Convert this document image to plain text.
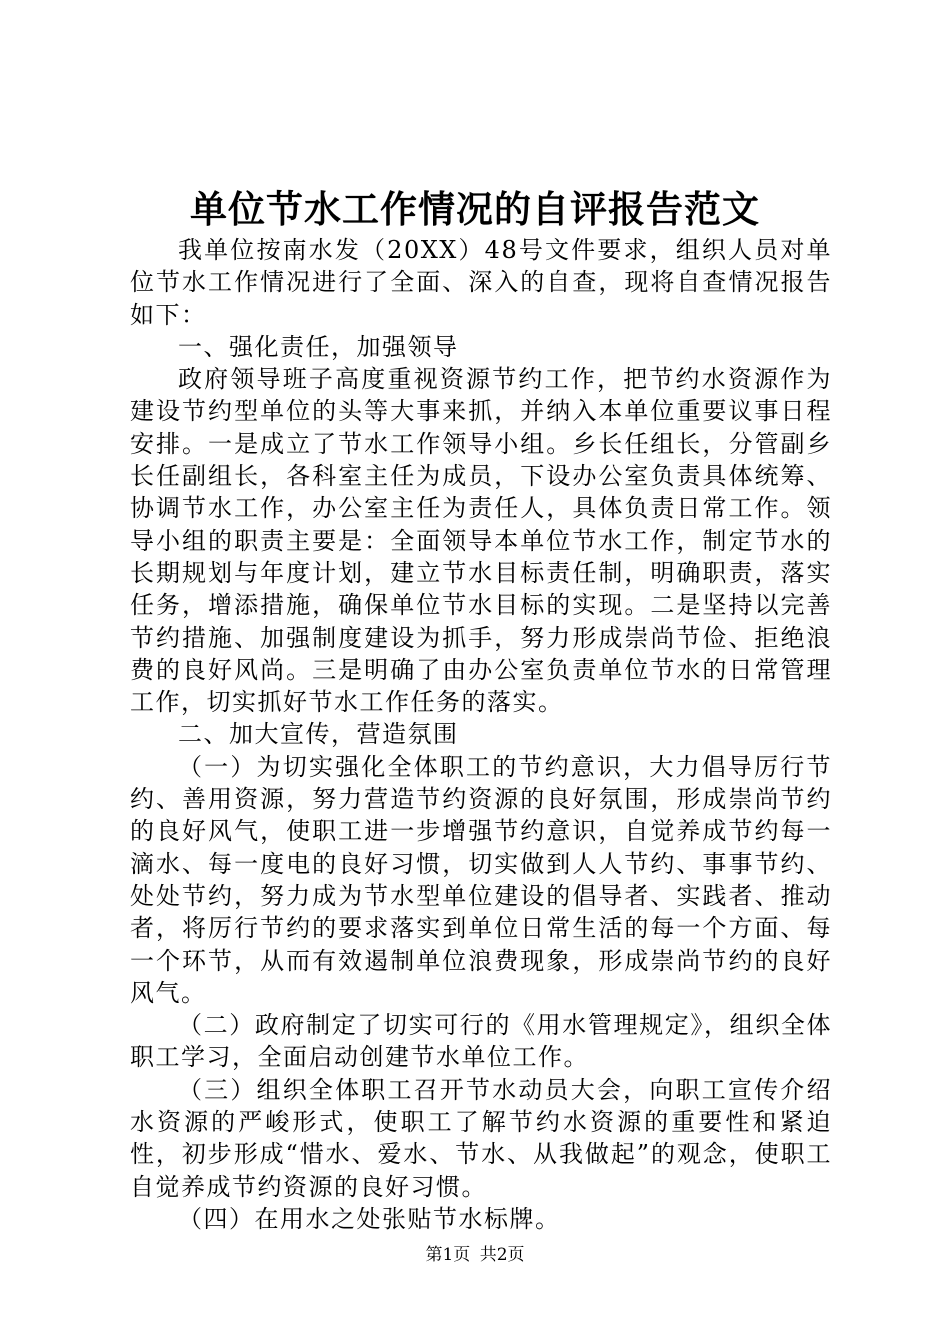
单位节水工作情况的自评报告范文

我单位按南水发（20XX）48号文件要求，组织人员对单位节水工作情况进行了全面、深入的自查，现将自查情况报告如下：

一、强化责任，加强领导

政府领导班子高度重视资源节约工作，把节约水资源作为建设节约型单位的头等大事来抓，并纳入本单位重要议事日程安排。一是成立了节水工作领导小组。乡长任组长，分管副乡长任副组长，各科室主任为成员，下设办公室负责具体统筹、协调节水工作，办公室主任为责任人，具体负责日常工作。领导小组的职责主要是：全面领导本单位节水工作，制定节水的长期规划与年度计划，建立节水目标责任制，明确职责，落实任务，增添措施，确保单位节水目标的实现。二是坚持以完善节约措施、加强制度建设为抓手，努力形成崇尚节俭、拒绝浪费的良好风尚。三是明确了由办公室负责单位节水的日常管理工作，切实抓好节水工作任务的落实。

二、加大宣传，营造氛围

（一）为切实强化全体职工的节约意识，大力倡导厉行节约、善用资源，努力营造节约资源的良好氛围，形成崇尚节约的良好风气，使职工进一步增强节约意识，自觉养成节约每一滴水、每一度电的良好习惯，切实做到人人节约、事事节约、处处节约，努力成为节水型单位建设的倡导者、实践者、推动者，将厉行节约的要求落实到单位日常生活的每一个方面、每一个环节，从而有效遏制单位浪费现象，形成崇尚节约的良好风气。

（二）政府制定了切实可行的《用水管理规定》，组织全体职工学习，全面启动创建节水单位工作。

（三）组织全体职工召开节水动员大会，向职工宣传介绍水资源的严峻形式，使职工了解节约水资源的重要性和紧迫性，初步形成“惜水、爱水、节水、从我做起”的观念，使职工自觉养成节约资源的良好习惯。

（四）在用水之处张贴节水标牌。

第1页 共2页
